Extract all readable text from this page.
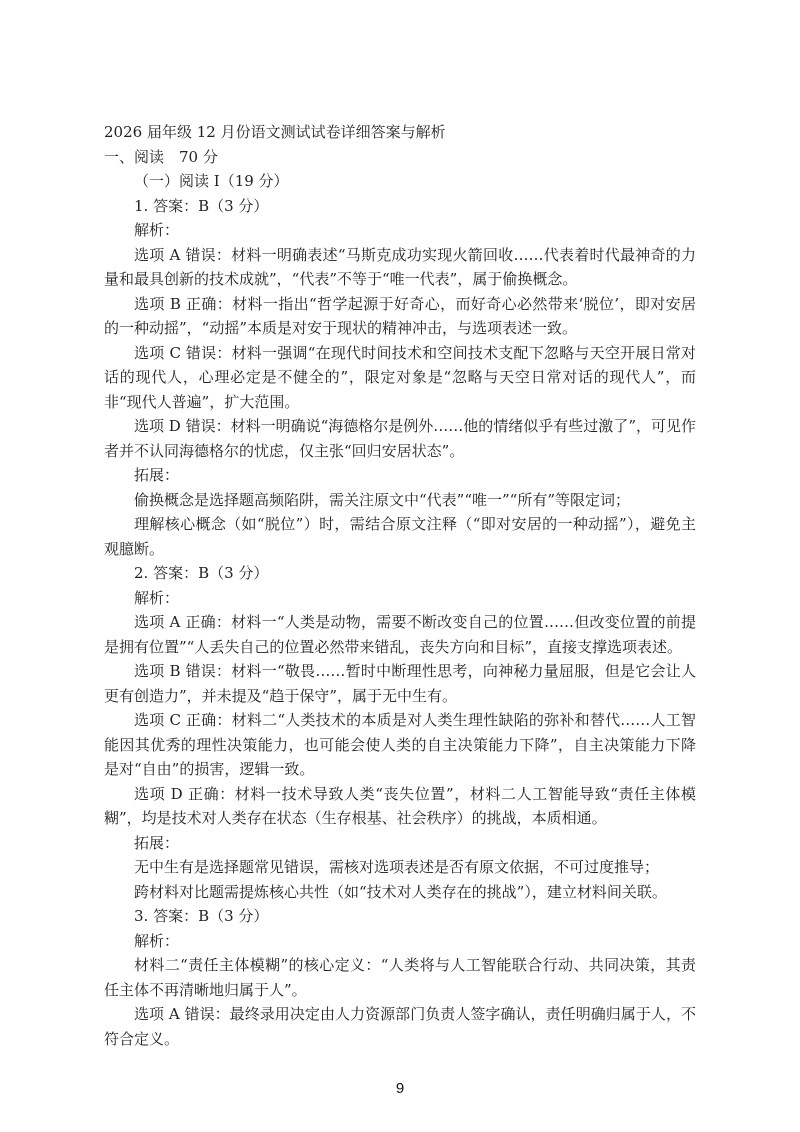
2026 届年级 12 月份语文测试试卷详细答案与解析
一、阅读　70 分
（一）阅读 Ⅰ（19 分）
1. 答案：B（3 分）
解析：
选项 A 错误：材料一明确表述“马斯克成功实现火箭回收……代表着时代最神奇的力量和最具创新的技术成就”，“代表”不等于“唯一代表”，属于偷换概念。
选项 B 正确：材料一指出“哲学起源于好奇心，而好奇心必然带来‘脱位’，即对安居的一种动摇”，“动摇”本质是对安于现状的精神冲击，与选项表述一致。
选项 C 错误：材料一强调“在现代时间技术和空间技术支配下忽略与天空开展日常对话的现代人，心理必定是不健全的”，限定对象是“忽略与天空日常对话的现代人”，而非“现代人普遍”，扩大范围。
选项 D 错误：材料一明确说“海德格尔是例外……他的情绪似乎有些过激了”，可见作者并不认同海德格尔的忧虑，仅主张“回归安居状态”。
拓展：
偷换概念是选择题高频陷阱，需关注原文中“代表”“唯一”“所有”等限定词；
理解核心概念（如“脱位”）时，需结合原文注释（“即对安居的一种动摇”），避免主观臆断。
2. 答案：B（3 分）
解析：
选项 A 正确：材料一“人类是动物，需要不断改变自己的位置……但改变位置的前提是拥有位置”“人丢失自己的位置必然带来错乱，丧失方向和目标”，直接支撑选项表述。
选项 B 错误：材料一“敬畏……暂时中断理性思考，向神秘力量屈服，但是它会让人更有创造力”，并未提及“趋于保守”，属于无中生有。
选项 C 正确：材料二“人类技术的本质是对人类生理性缺陷的弥补和替代……人工智能因其优秀的理性决策能力，也可能会使人类的自主决策能力下降”，自主决策能力下降是对“自由”的损害，逻辑一致。
选项 D 正确：材料一技术导致人类“丧失位置”，材料二人工智能导致“责任主体模糊”，均是技术对人类存在状态（生存根基、社会秩序）的挑战，本质相通。
拓展：
无中生有是选择题常见错误，需核对选项表述是否有原文依据，不可过度推导；
跨材料对比题需提炼核心共性（如“技术对人类存在的挑战”），建立材料间关联。
3. 答案：B（3 分）
解析：
材料二“责任主体模糊”的核心定义：“人类将与人工智能联合行动、共同决策，其责任主体不再清晰地归属于人”。
选项 A 错误：最终录用决定由人力资源部门负责人签字确认，责任明确归属于人，不符合定义。
9
